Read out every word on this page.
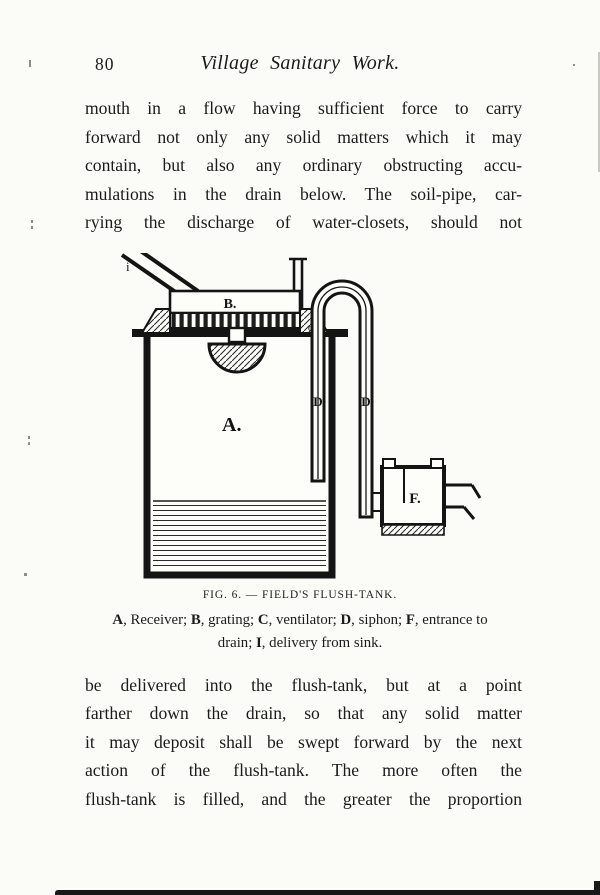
80	Village Sanitary Work.
mouth in a flow having sufficient force to carry
forward not only any solid matters which it may
contain, but also any ordinary obstructing accu-
mulations in the drain below. The soil-pipe, car-
rying the discharge of water-closets, should not
i
B.
A.
c
D	D
F.
FIG. 6. — FIELD'S FLUSH-TANK.
A, Receiver; B, grating; C, ventilator; D, siphon; F, entrance to
drain; I, delivery from sink.
be delivered into the flush-tank, but at a point
farther down the drain, so that any solid matter
it may deposit shall be swept forward by the next
action of the flush-tank. The more often the
flush-tank is filled, and the greater the proportion
